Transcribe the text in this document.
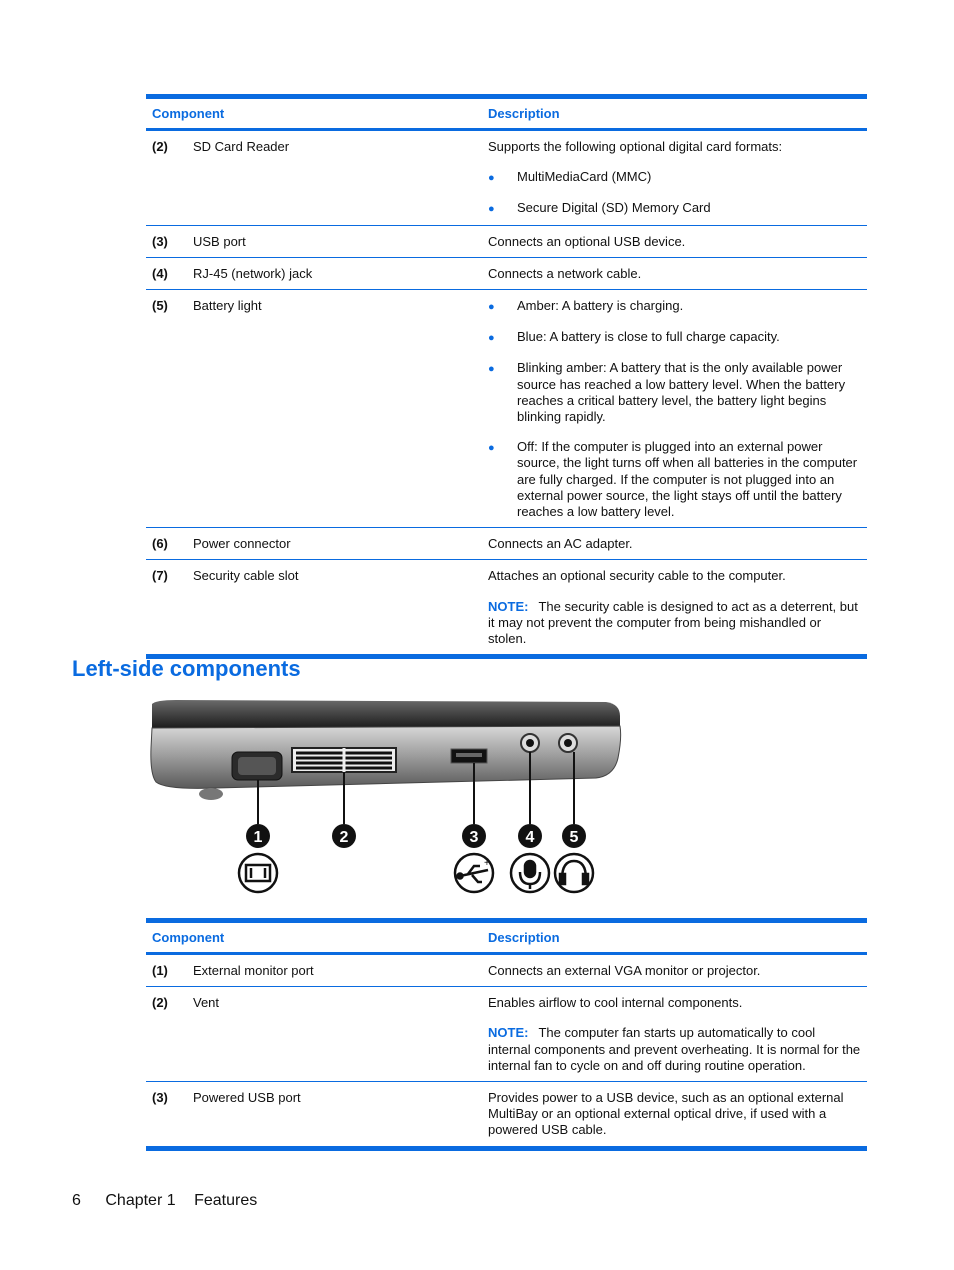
Component	Description
(2)	SD Card Reader	Supports the following optional digital card formats:

●	MultiMediaCard (MMC)
●	Secure Digital (SD) Memory Card
(3)	USB port	Connects an optional USB device.
(4)	RJ-45 (network) jack	Connects a network cable.
(5)	Battery light	●	Amber: A battery is charging.
●	Blue: A battery is close to full charge capacity.
●	Blinking amber: A battery that is the only available power source has reached a low battery level. When the battery reaches a critical battery level, the battery light begins blinking rapidly.
●	Off: If the computer is plugged into an external power source, the light turns off when all batteries in the computer are fully charged. If the computer is not plugged into an external power source, the light stays off until the battery reaches a low battery level.
(6)	Power connector	Connects an AC adapter.
(7)	Security cable slot	Attaches an optional security cable to the computer.

NOTE: The security cable is designed to act as a deterrent, but it may not prevent the computer from being mishandled or stolen.

Left-side components
1	2	3	4 5
+
Component	Description
(1)	External monitor port	Connects an external VGA monitor or projector.
(2)	Vent	Enables airflow to cool internal components.

NOTE: The computer fan starts up automatically to cool internal components and prevent overheating. It is normal for the internal fan to cycle on and off during routine operation.

(3)	Powered USB port	Provides power to a USB device, such as an optional external MultiBay or an optional external optical drive, if used with a powered USB cable.
6 Chapter 1 Features
